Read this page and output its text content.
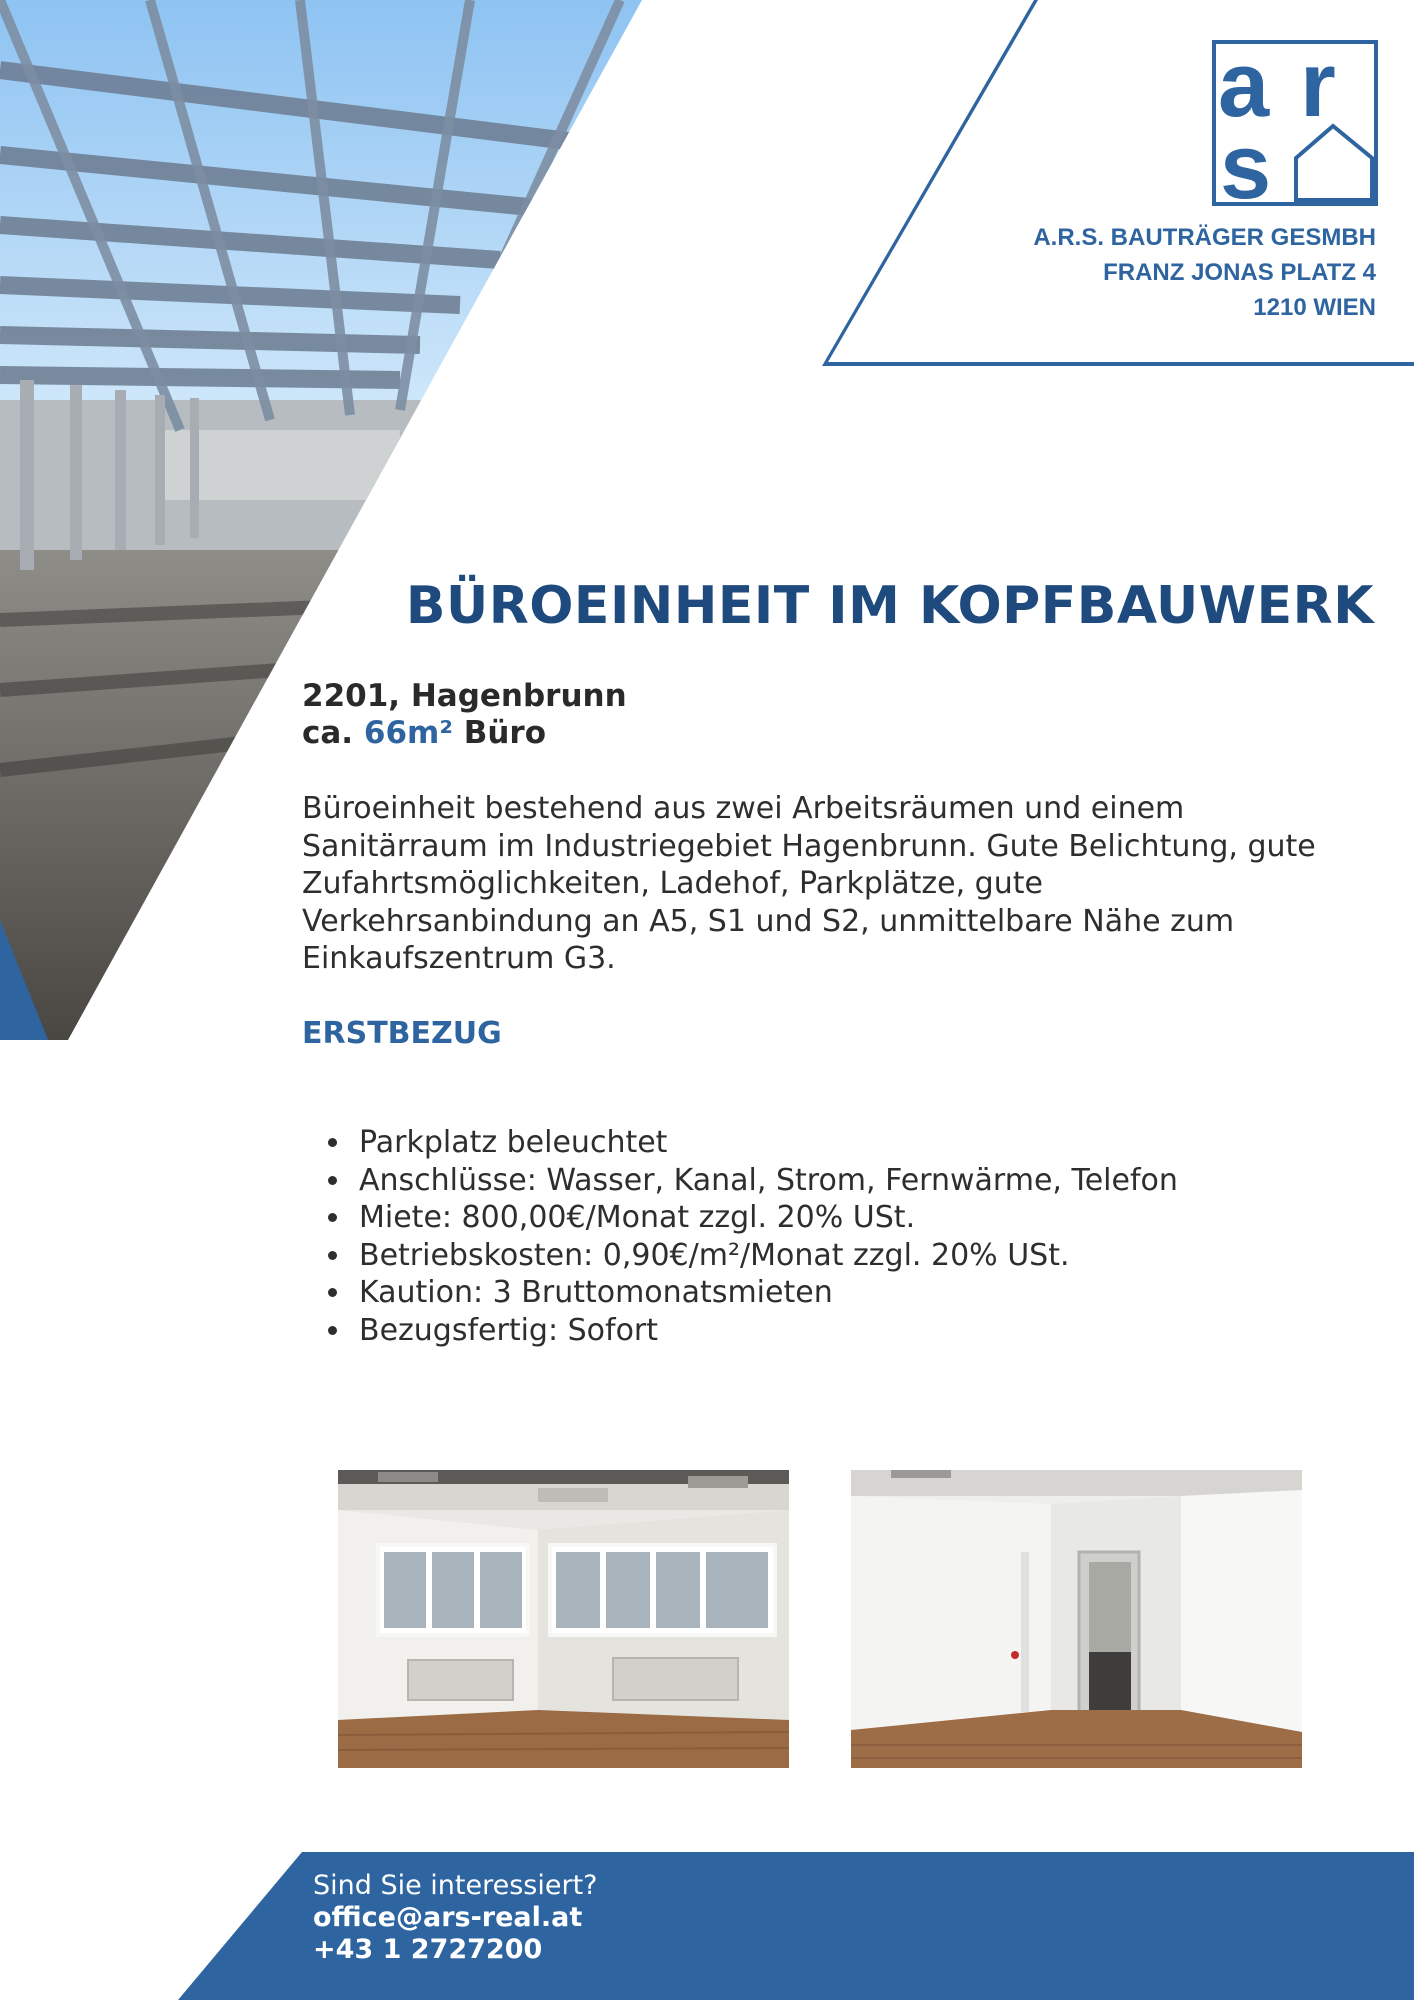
a r
s
A.R.S. BAUTRÄGER GESMBH
FRANZ JONAS PLATZ 4
1210 WIEN
BÜROEINHEIT IM KOPFBAUWERK
2201, Hagenbrunn
ca. 66m² Büro
Büroeinheit bestehend aus zwei Arbeitsräumen und einem Sanitärraum im Industriegebiet Hagenbrunn. Gute Belichtung, gute Zufahrtsmöglichkeiten, Ladehof, Parkplätze, gute Verkehrsanbindung an A5, S1 und S2, unmittelbare Nähe zum Einkaufszentrum G3.
ERSTBEZUG
Parkplatz beleuchtet
Anschlüsse: Wasser, Kanal, Strom, Fernwärme, Telefon
Miete: 800,00€/Monat zzgl. 20% USt.
Betriebskosten: 0,90€/m²/Monat zzgl. 20% USt.
Kaution: 3 Bruttomonatsmieten
Bezugsfertig: Sofort
Sind Sie interessiert?
office@ars-real.at
+43 1 2727200
